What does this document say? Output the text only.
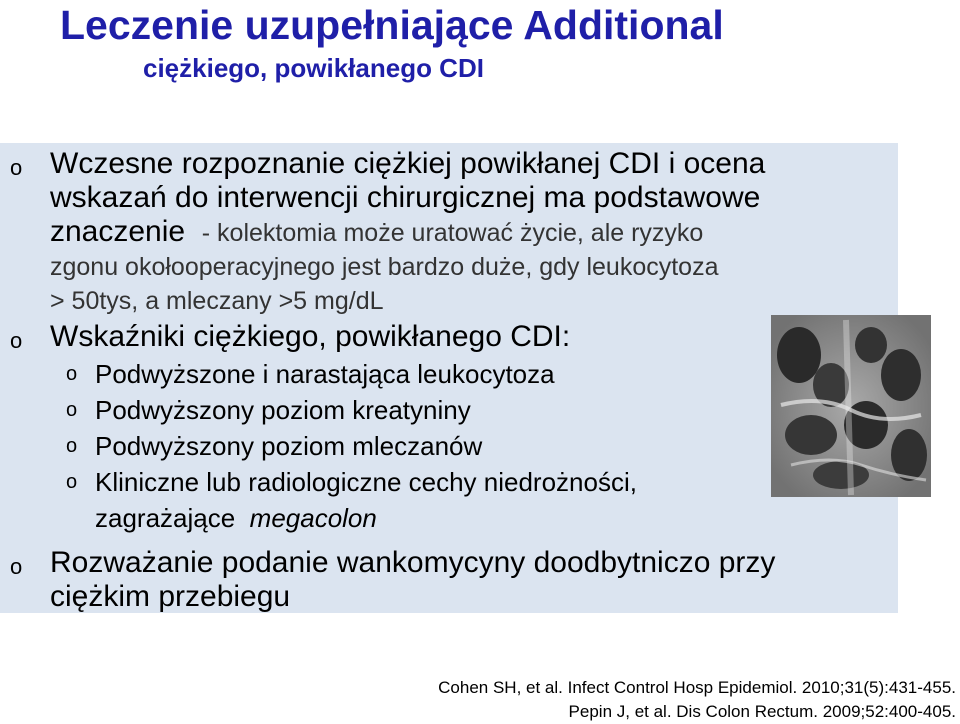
Leczenie uzupełniające Additional
ciężkiego, powikłanego CDI
o Wczesne rozpoznanie ciężkiej powikłanej CDI i ocena
wskazań do interwencji chirurgicznej ma podstawowe
znaczenie - kolektomia może uratować życie, ale ryzyko
zgonu okołooperacyjnego jest bardzo duże, gdy leukocytoza
> 50tys, a mleczany >5 mg/dL
o Wskaźniki ciężkiego, powikłanego CDI:
o Podwyższone i narastająca leukocytoza
o Podwyższony poziom kreatyniny
o Podwyższony poziom mleczanów
o Kliniczne lub radiologiczne cechy niedrożności,
zagrażające megacolon
o Rozważanie podanie wankomycyny doodbytniczo przy
ciężkim przebiegu
Cohen SH, et al. Infect Control Hosp Epidemiol. 2010;31(5):431-455.
Pepin J, et al. Dis Colon Rectum. 2009;52:400-405.
